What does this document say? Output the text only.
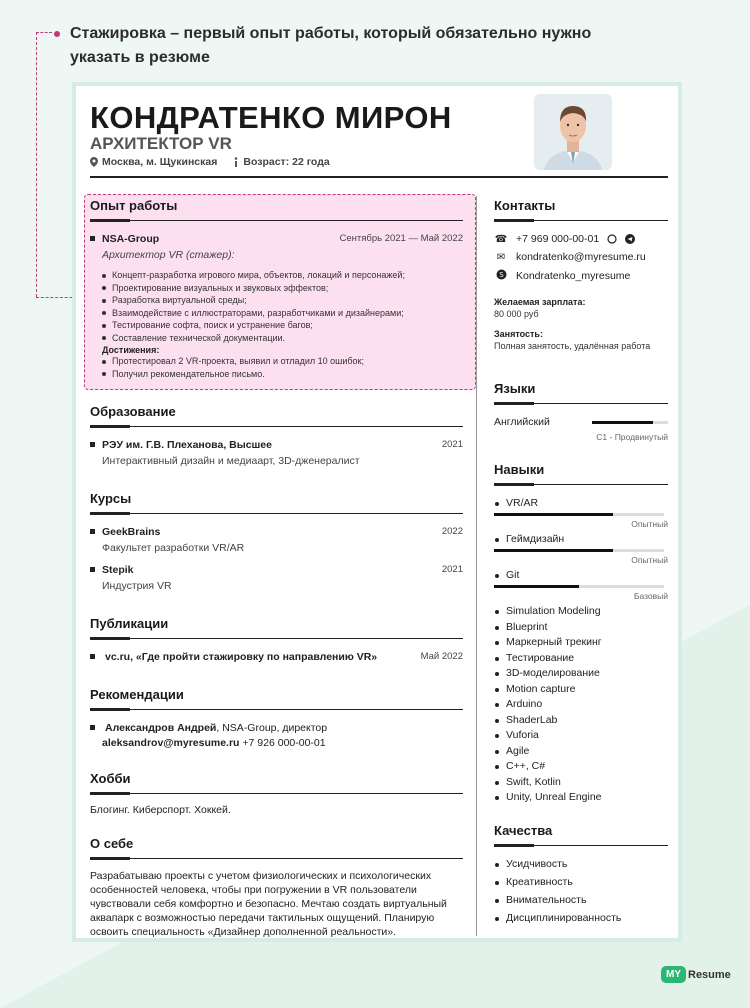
Стажировка – первый опыт работы, который обязательно нужно указать в резюме
КОНДРАТЕНКО МИРОН
АРХИТЕКТОР VR
Москва, м. Щукинская Возраст: 22 года
Опыт работы
NSA-Group	Сентябрь 2021 — Май 2022
Архитектор VR (стажер):
Концепт-разработка игрового мира, объектов, локаций и персонажей;
Проектирование визуальных и звуковых эффектов;
Разработка виртуальной среды;
Взаимодействие с иллюстраторами, разработчиками и дизайнерами;
Тестирование софта, поиск и устранение багов;
Составление технической документации.
Достижения:
Протестировал 2 VR-проекта, выявил и отладил 10 ошибок;
Получил рекомендательное письмо.
Образование
РЭУ им. Г.В. Плеханова, Высшее	2021
Интерактивный дизайн и медиаарт, 3D-дженералист
Курсы
GeekBrains	2022
Факультет разработки VR/AR
Stepik	2021
Индустрия VR
Публикации
vc.ru, «Где пройти стажировку по направлению VR»	Май 2022
Рекомендации
Александров Андрей, NSA-Group, директор
aleksandrov@myresume.ru +7 926 000-00-01
Хобби
Блогинг. Киберспорт. Хоккей.
О себе
Разрабатываю проекты с учетом физиологических и психологических особенностей человека, чтобы при погружении в VR пользователи чувствовали себя комфортно и безопасно. Мечтаю создать виртуальный аквапарк с возможностью передачи тактильных ощущений. Планирую освоить специальность «Дизайнер дополненной реальности».
Контакты
☎ +7 969 000-00-01
✉ kondratenko@myresume.ru
S Kondratenko_myresume
Желаемая зарплата:
80 000 руб
Занятость:
Полная занятость, удалённая работа
Языки
Английский
C1 - Продвинутый
Навыки
VR/AR
Опытный
Геймдизайн
Опытный
Git
Базовый
Simulation Modeling
Blueprint
Маркерный трекинг
Тестирование
3D-моделирование
Motion capture
Arduino
ShaderLab
Vuforia
Agile
C++, C#
Swift, Kotlin
Unity, Unreal Engine
Качества
Усидчивость
Креативность
Внимательность
Дисциплинированность
MY Resume
